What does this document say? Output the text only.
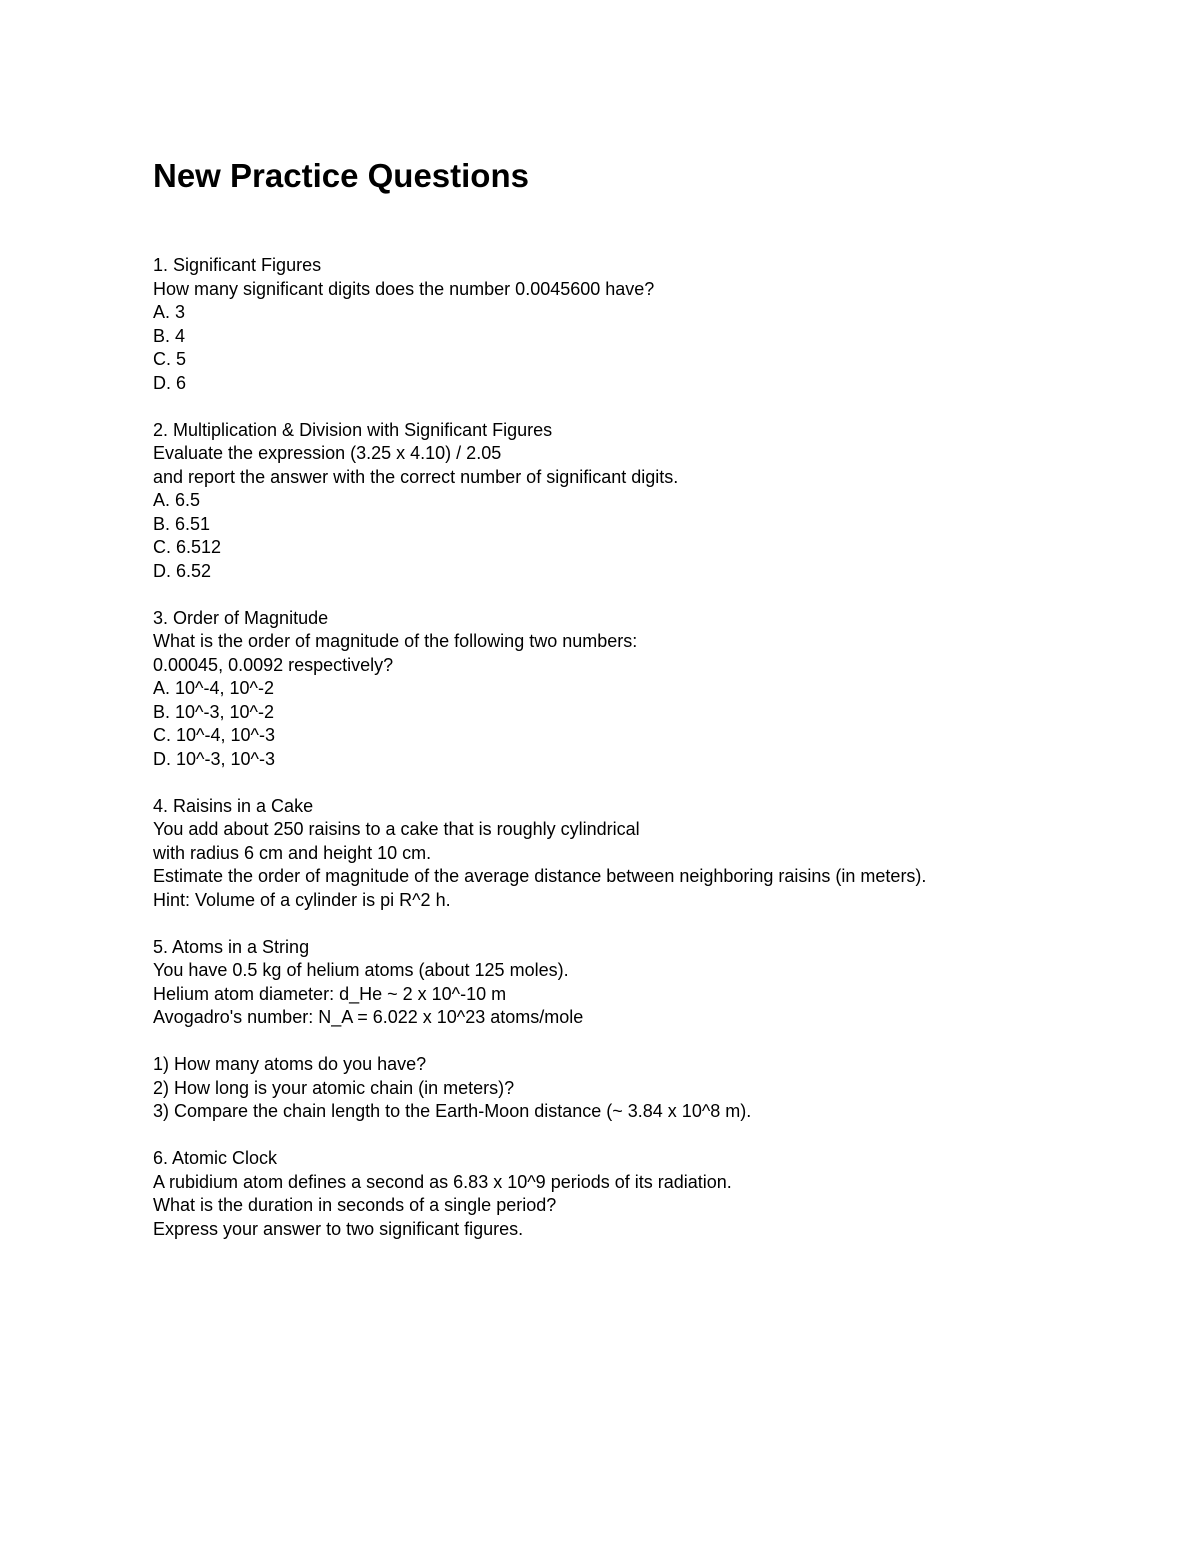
New Practice Questions
1. Significant Figures
How many significant digits does the number 0.0045600 have?
A. 3
B. 4
C. 5
D. 6
2. Multiplication & Division with Significant Figures
Evaluate the expression (3.25 x 4.10) / 2.05
and report the answer with the correct number of significant digits.
A. 6.5
B. 6.51
C. 6.512
D. 6.52
3. Order of Magnitude
What is the order of magnitude of the following two numbers:
0.00045, 0.0092 respectively?
A. 10^-4, 10^-2
B. 10^-3, 10^-2
C. 10^-4, 10^-3
D. 10^-3, 10^-3
4. Raisins in a Cake
You add about 250 raisins to a cake that is roughly cylindrical
with radius 6 cm and height 10 cm.
Estimate the order of magnitude of the average distance between neighboring raisins (in meters).
Hint: Volume of a cylinder is pi R^2 h.
5. Atoms in a String
You have 0.5 kg of helium atoms (about 125 moles).
Helium atom diameter: d_He ~ 2 x 10^-10 m
Avogadro's number: N_A = 6.022 x 10^23 atoms/mole
1) How many atoms do you have?
2) How long is your atomic chain (in meters)?
3) Compare the chain length to the Earth-Moon distance (~ 3.84 x 10^8 m).
6. Atomic Clock
A rubidium atom defines a second as 6.83 x 10^9 periods of its radiation.
What is the duration in seconds of a single period?
Express your answer to two significant figures.
